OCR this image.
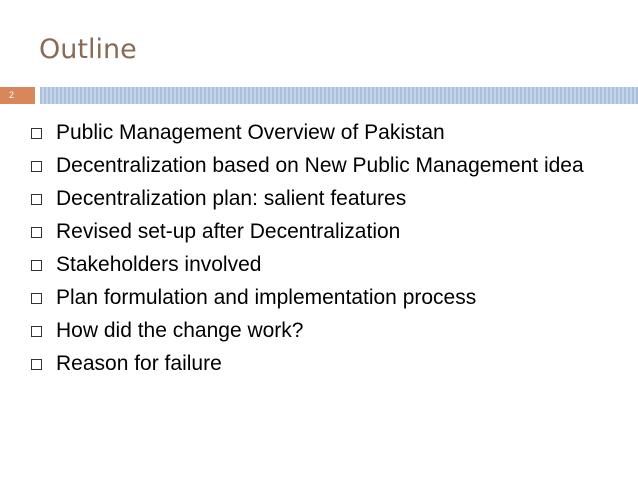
Outline
2
Public Management Overview of Pakistan
Decentralization based on New Public Management idea
Decentralization plan: salient features
Revised set-up after Decentralization
Stakeholders involved
Plan formulation and implementation process
How did the change work?
Reason for failure
